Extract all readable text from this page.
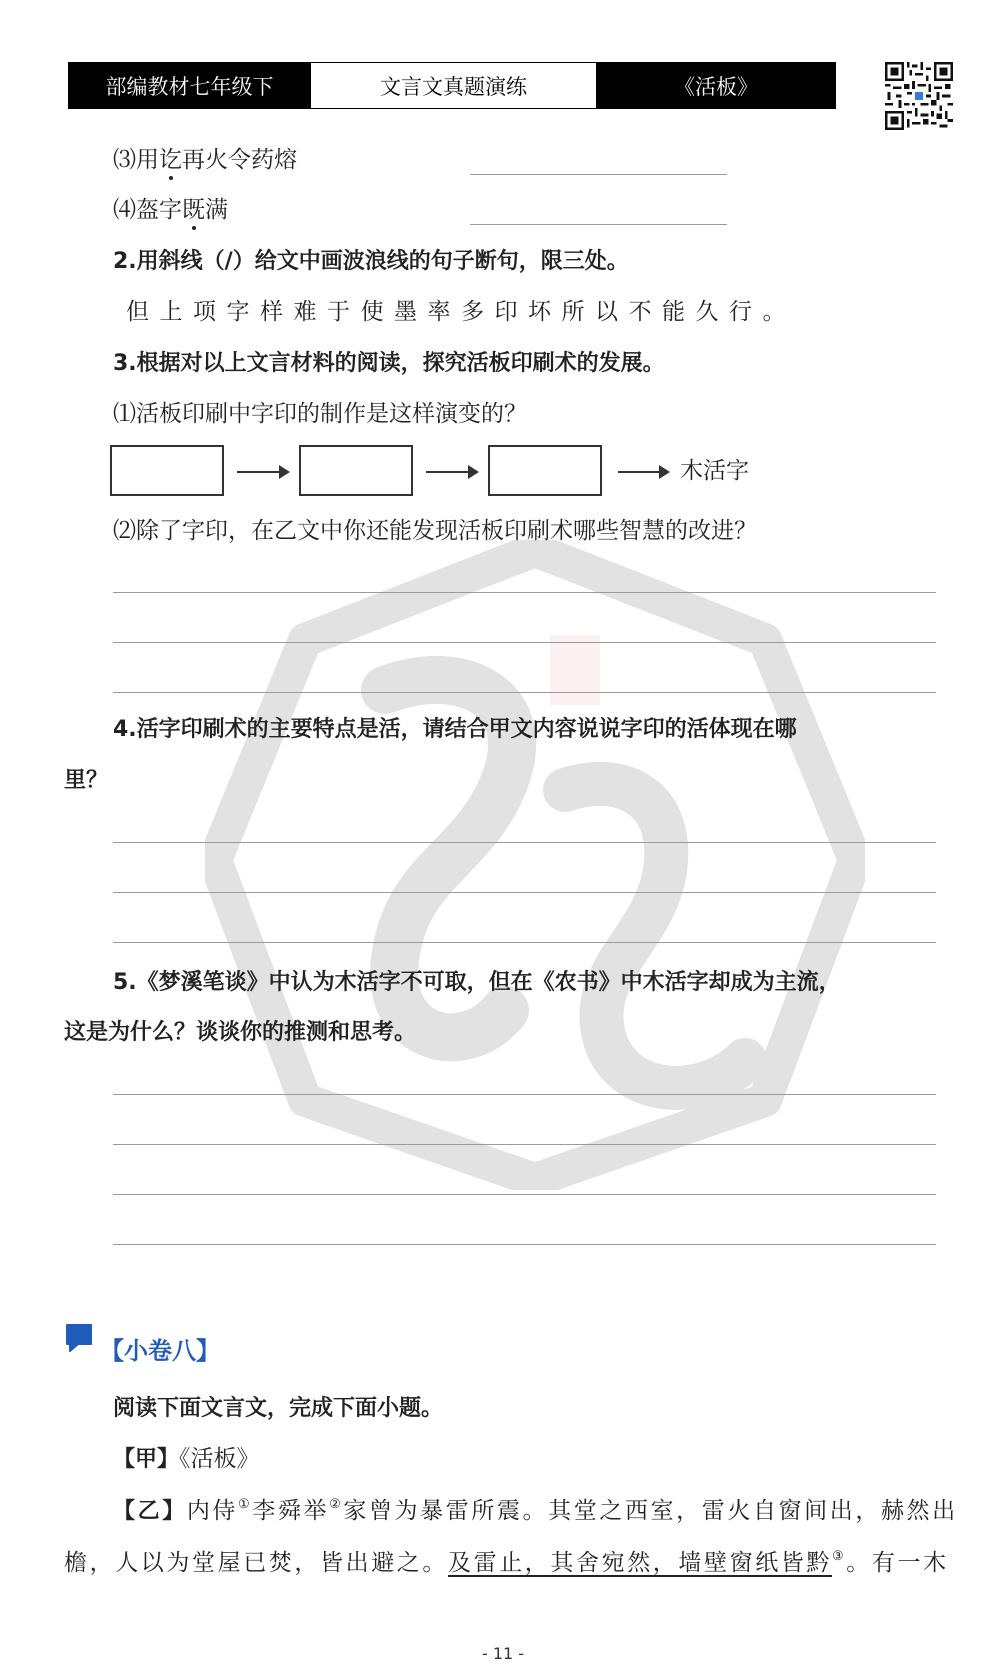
部编教材七年级下	文言文真题演练	《活板》
⑶用讫再火令药熔
⑷盔字既满
2.用斜线（/）给文中画波浪线的句子断句，限三处。
但上项字样难于使墨率多印坏所以不能久行。
3.根据对以上文言材料的阅读，探究活板印刷术的发展。
⑴活板印刷中字印的制作是这样演变的？
木活字
⑵除了字印，在乙文中你还能发现活板印刷术哪些智慧的改进？
4.活字印刷术的主要特点是活，请结合甲文内容说说字印的活体现在哪
里？
5.《梦溪笔谈》中认为木活字不可取，但在《农书》中木活字却成为主流，
这是为什么？谈谈你的推测和思考。
【小卷八】
阅读下面文言文，完成下面小题。
【甲】《活板》
【乙】内侍①李舜举②家曾为暴雷所震。其堂之西室，雷火自窗间出，赫然出
檐，人以为堂屋已焚，皆出避之。及雷止，其舍宛然，墙壁窗纸皆黔③。有一木
- 11 -
